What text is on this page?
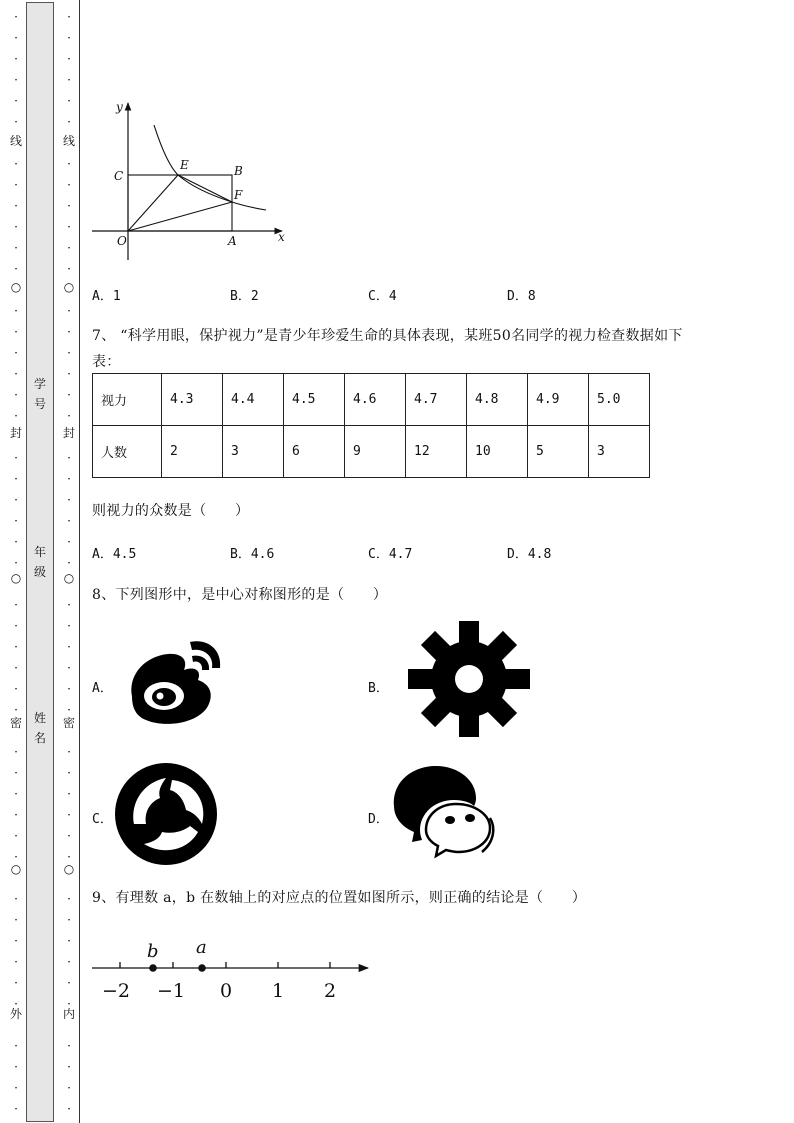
·
·
·
·
·
·
·
·
·
·
·
·
·
·
·
·
·
·
·
·
·
·
·
·
·
·
·
·
·
·
·
·
·
·
·
·
·
·
·
·
·
·
·
·
·
·
线
○
封
○
密
○
外
·
·
·
·
·
·
·
·
·
·
·
·
·
·
·
·
·
·
·
·
·
·
·
·
·
·
·
·
·
·
·
·
·
·
·
·
·
·
·
·
·
·
·
·
·
·
线
○
封
○
密
○
内
学号
年级
姓名
y
x
C
E	B
F
O	A
A．1	B．2	C．4	D．8
7、 “科学用眼，保护视力”是青少年珍爱生命的具体表现，某班50名同学的视力检查数据如下
表：
视力	4.3	4.4	4.5	4.6	4.7	4.8	4.9	5.0
人数	2	3	6	9	12	10	5	3
则视力的众数是（　　）
A．4.5	B．4.6	C．4.7	D．4.8
8、下列图形中，是中心对称图形的是（　　）
A．	B．
C．	D．
9、有理数 a，b 在数轴上的对应点的位置如图所示，则正确的结论是（　　）
b a
−2 −1 0 1 2
